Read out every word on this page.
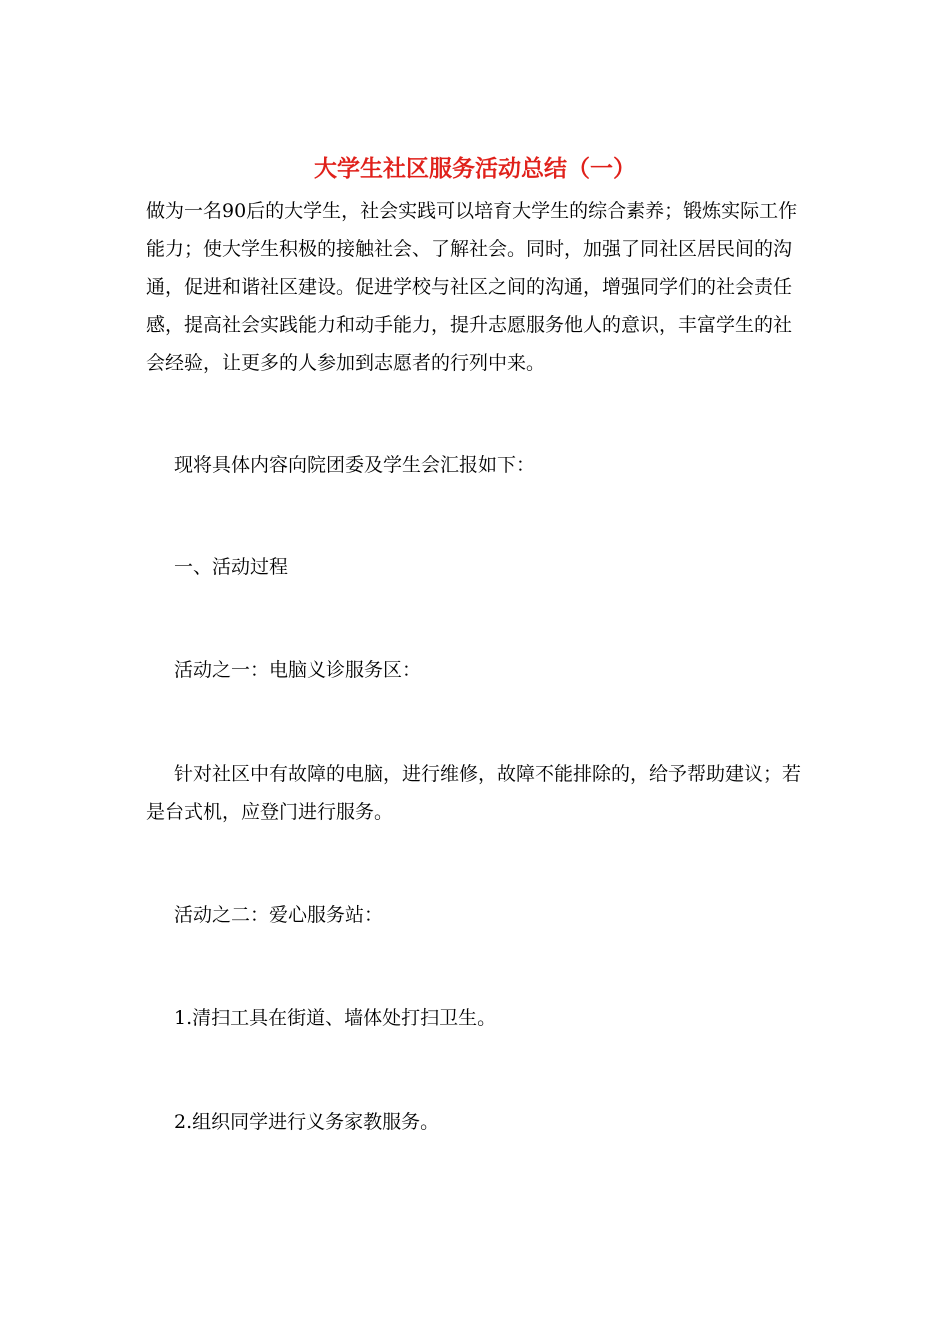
大学生社区服务活动总结（一）

做为一名90后的大学生，社会实践可以培育大学生的综合素养；锻炼实际工作能力；使大学生积极的接触社会、了解社会。同时，加强了同社区居民间的沟通，促进和谐社区建设。促进学校与社区之间的沟通，增强同学们的社会责任感，提高社会实践能力和动手能力，提升志愿服务他人的意识，丰富学生的社会经验，让更多的人参加到志愿者的行列中来。

现将具体内容向院团委及学生会汇报如下：

一、活动过程

活动之一：电脑义诊服务区：

针对社区中有故障的电脑，进行维修，故障不能排除的，给予帮助建议；若是台式机，应登门进行服务。

活动之二：爱心服务站：

1.清扫工具在街道、墙体处打扫卫生。

2.组织同学进行义务家教服务。
